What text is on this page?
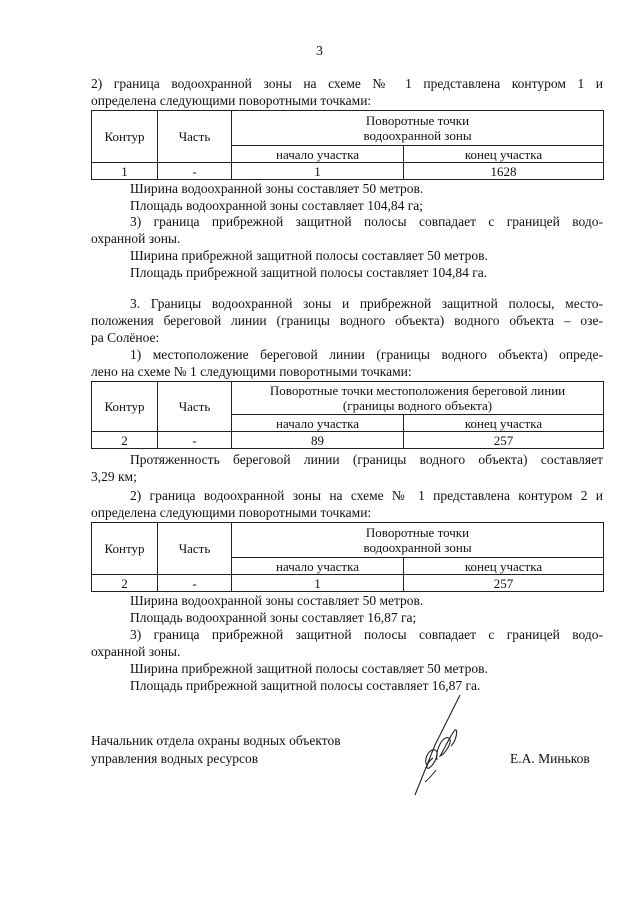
3
2) граница водоохранной зоны на схеме № 1 представлена контуром 1 и
определена следующими поворотными точками:
Контур	Часть	Поворотные точки
водоохранной зоны	

		начало участка	конец участка
1	-	1	1628
Ширина водоохранной зоны составляет 50 метров.
Площадь водоохранной зоны составляет 104,84 га;
3) граница прибрежной защитной полосы совпадает с границей водо-
охранной зоны.
Ширина прибрежной защитной полосы составляет 50 метров.
Площадь прибрежной защитной полосы составляет 104,84 га.
3. Границы водоохранной зоны и прибрежной защитной полосы, место-
положения береговой линии (границы водного объекта) водного объекта – озе-
ра Солёное:
1) местоположение береговой линии (границы водного объекта) опреде-
лено на схеме № 1 следующими поворотными точками:
Контур	Часть	Поворотные точки местоположения береговой линии
(границы водного объекта)	

		начало участка	конец участка
2	-	89	257
Протяженность береговой линии (границы водного объекта) составляет
3,29 км;
2) граница водоохранной зоны на схеме № 1 представлена контуром 2 и
определена следующими поворотными точками:
Контур	Часть	Поворотные точки
водоохранной зоны	

		начало участка	конец участка
2	-	1	257
Ширина водоохранной зоны составляет 50 метров.
Площадь водоохранной зоны составляет 16,87 га;
3) граница прибрежной защитной полосы совпадает с границей водо-
охранной зоны.
Ширина прибрежной защитной полосы составляет 50 метров.
Площадь прибрежной защитной полосы составляет 16,87 га.
Начальник отдела охраны водных объектов
управления водных ресурсов	Е.А. Миньков
